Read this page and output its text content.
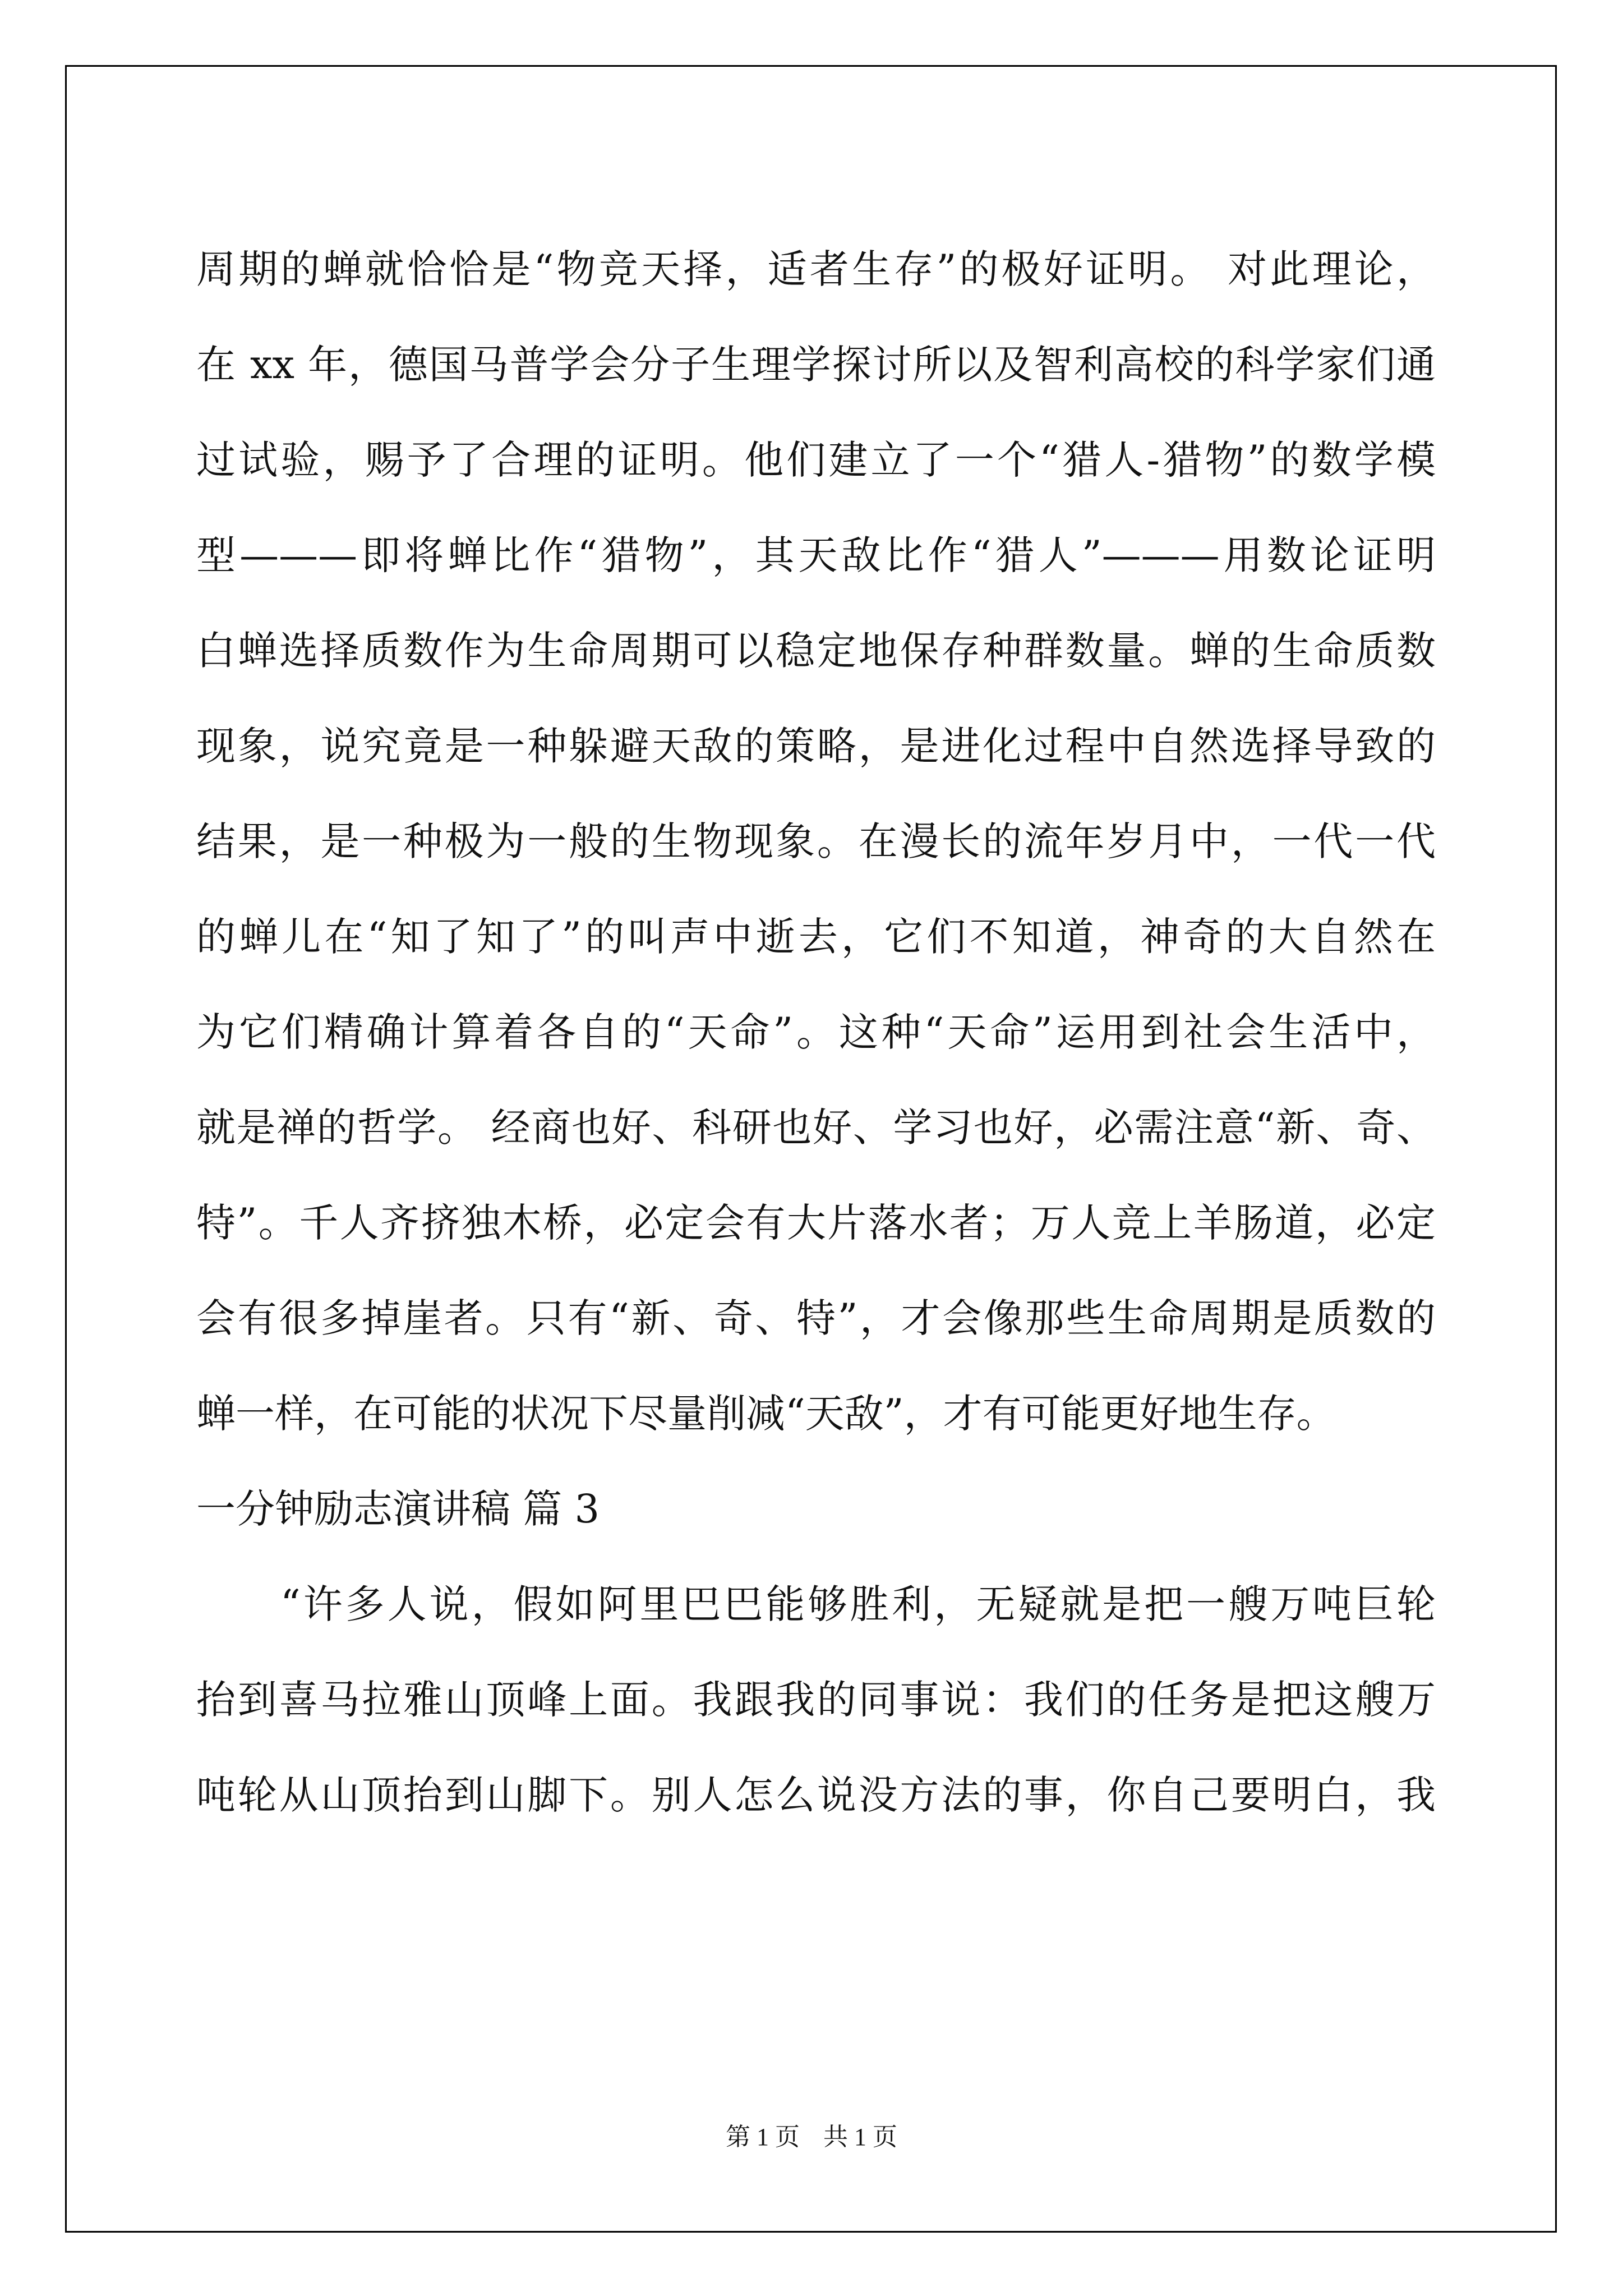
周期的蝉就恰恰是“物竞天择，适者生存”的极好证明。 对此理论，
在 xx 年，德国马普学会分子生理学探讨所以及智利高校的科学家们通
过试验，赐予了合理的证明。他们建立了一个“猎人-猎物”的数学模
型———即将蝉比作“猎物”，其天敌比作“猎人”———用数论证明
白蝉选择质数作为生命周期可以稳定地保存种群数量。蝉的生命质数
现象，说究竟是一种躲避天敌的策略，是进化过程中自然选择导致的
结果，是一种极为一般的生物现象。在漫长的流年岁月中，一代一代
的蝉儿在“知了知了”的叫声中逝去，它们不知道，神奇的大自然在
为它们精确计算着各自的“天命”。这种“天命”运用到社会生活中，
就是禅的哲学。 经商也好、科研也好、学习也好，必需注意“新、奇、
特”。千人齐挤独木桥，必定会有大片落水者；万人竞上羊肠道，必定
会有很多掉崖者。只有“新、奇、特”，才会像那些生命周期是质数的
蝉一样，在可能的状况下尽量削减“天敌”，才有可能更好地生存。
一分钟励志演讲稿 篇 3
　　“许多人说，假如阿里巴巴能够胜利，无疑就是把一艘万吨巨轮
抬到喜马拉雅山顶峰上面。我跟我的同事说：我们的任务是把这艘万
吨轮从山顶抬到山脚下。别人怎么说没方法的事，你自己要明白，我
第 1 页 共 1 页
